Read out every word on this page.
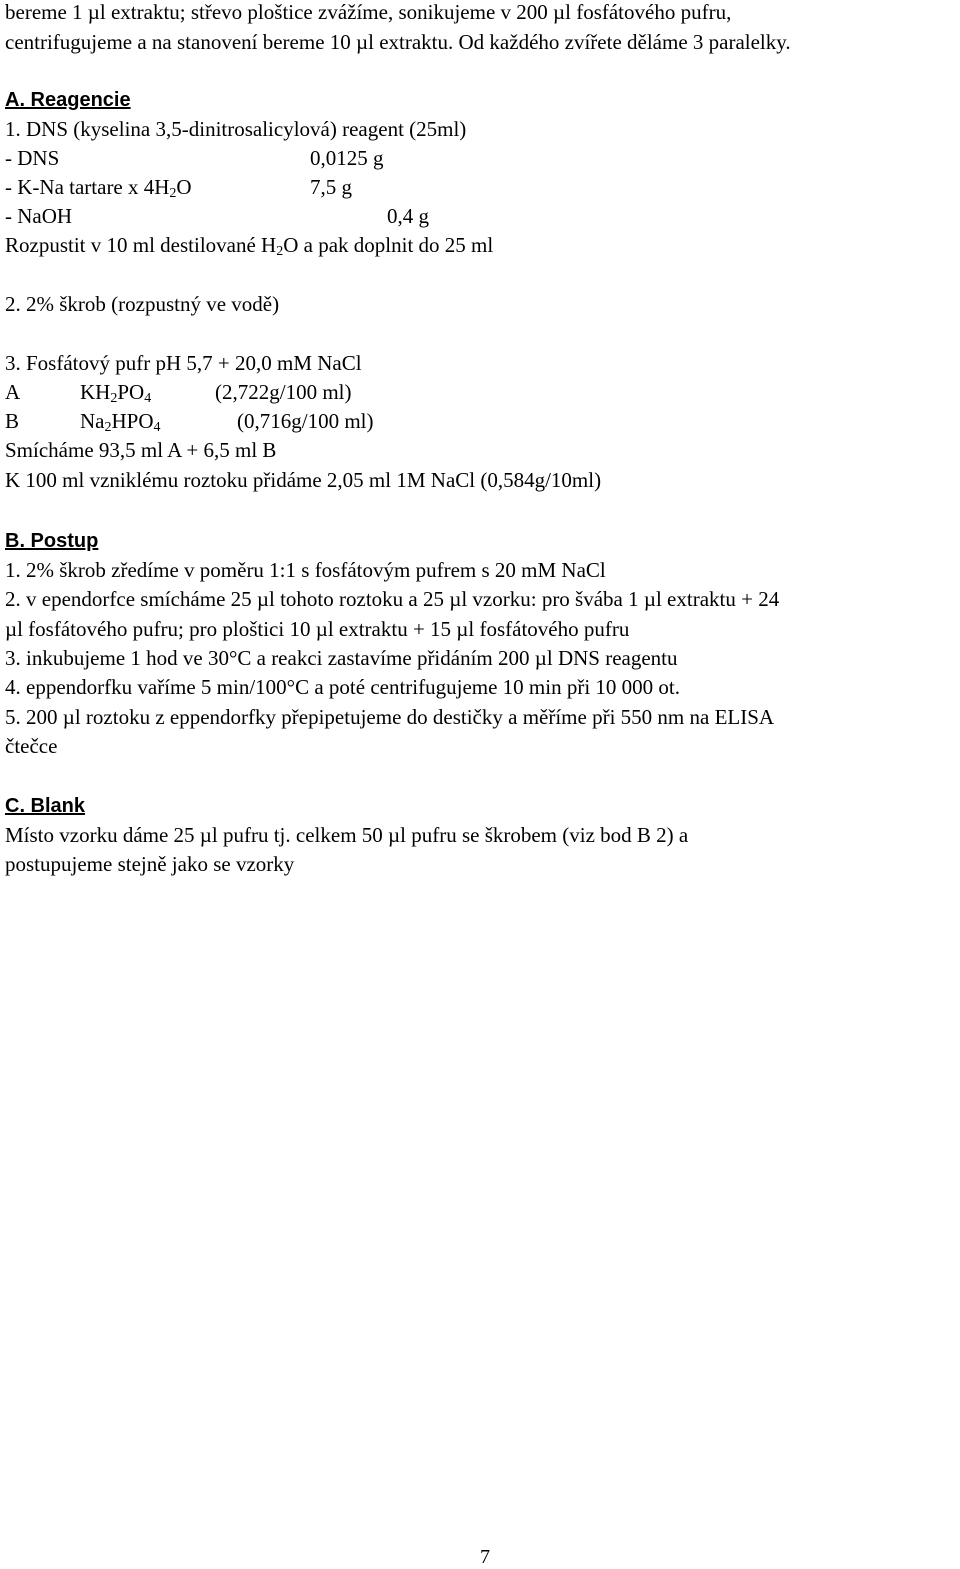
bereme 1 µl extraktu; střevo ploštice zvážíme, sonikujeme v 200 µl fosfátového pufru,
centrifugujeme a na stanovení bereme 10 µl extraktu. Od každého zvířete děláme 3 paralelky.
A. Reagencie
1. DNS (kyselina 3,5-dinitrosalicylová) reagent (25ml)
- DNS	0,0125 g
- K-Na tartare x $4H_2O$	7,5 g
- NaOH	0,4 g
Rozpustit v 10 ml destilované $H_2O$ a pak doplnit do 25 ml
2. 2% škrob (rozpustný ve vodě)
3. Fosfátový pufr pH 5,7 + 20,0 mM NaCl
A	$KH_2PO_4$	(2,722g/100 ml)
B	$Na_2HPO_4$	(0,716g/100 ml)
Smícháme 93,5 ml A + 6,5 ml B
K 100 ml vzniklému roztoku přidáme 2,05 ml 1M NaCl (0,584g/10ml)
B. Postup
1. 2% škrob zředíme v poměru 1:1 s fosfátovým pufrem s 20 mM NaCl
2. v ependorfce smícháme 25 µl tohoto roztoku a 25 µl vzorku: pro švába 1 µl extraktu + 24
µl fosfátového pufru; pro ploštici 10 µl extraktu + 15 µl fosfátového pufru
3. inkubujeme 1 hod ve 30°C a reakci zastavíme přidáním 200 µl DNS reagentu
4. eppendorfku vaříme 5 min/100°C a poté centrifugujeme 10 min při 10 000 ot.
5. 200 µl roztoku z eppendorfky přepipetujeme do destičky a měříme při 550 nm na ELISA
čtečce
C. Blank
Místo vzorku dáme 25 µl pufru tj. celkem 50 µl pufru se škrobem (viz bod B 2) a
postupujeme stejně jako se vzorky
7
